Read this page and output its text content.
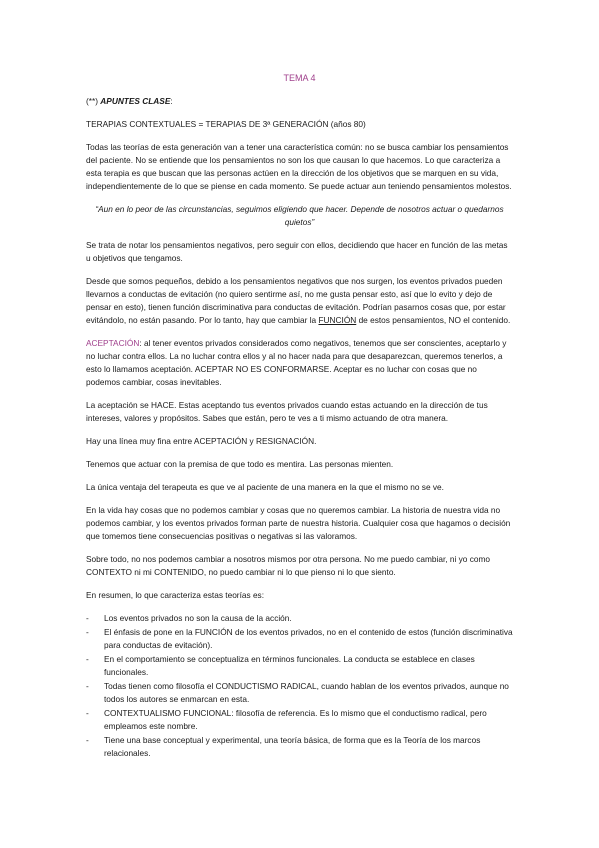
TEMA 4

(**) APUNTES CLASE:

TERAPIAS CONTEXTUALES = TERAPIAS DE 3ª GENERACIÓN (años 80)

Todas las teorías de esta generación van a tener una característica común: no se busca cambiar los pensamientos del paciente. No se entiende que los pensamientos no son los que causan lo que hacemos. Lo que caracteriza a esta terapia es que buscan que las personas actúen en la dirección de los objetivos que se marquen en su vida, independientemente de lo que se piense en cada momento. Se puede actuar aun teniendo pensamientos molestos.

“Aun en lo peor de las circunstancias, seguimos eligiendo que hacer. Depende de nosotros actuar o quedarnos quietos”

Se trata de notar los pensamientos negativos, pero seguir con ellos, decidiendo que hacer en función de las metas u objetivos que tengamos.

Desde que somos pequeños, debido a los pensamientos negativos que nos surgen, los eventos privados pueden llevarnos a conductas de evitación (no quiero sentirme así, no me gusta pensar esto, así que lo evito y dejo de pensar en esto), tienen función discriminativa para conductas de evitación. Podrían pasarnos cosas que, por estar evitándolo, no están pasando. Por lo tanto, hay que cambiar la FUNCIÓN de estos pensamientos, NO el contenido.

ACEPTACIÓN: al tener eventos privados considerados como negativos, tenemos que ser conscientes, aceptarlo y no luchar contra ellos. La no luchar contra ellos y al no hacer nada para que desaparezcan, queremos tenerlos, a esto lo llamamos aceptación. ACEPTAR NO ES CONFORMARSE. Aceptar es no luchar con cosas que no podemos cambiar, cosas inevitables.

La aceptación se HACE. Estas aceptando tus eventos privados cuando estas actuando en la dirección de tus intereses, valores y propósitos. Sabes que están, pero te ves a ti mismo actuando de otra manera.

Hay una línea muy fina entre ACEPTACIÓN y RESIGNACIÓN.

Tenemos que actuar con la premisa de que todo es mentira. Las personas mienten.

La única ventaja del terapeuta es que ve al paciente de una manera en la que el mismo no se ve.

En la vida hay cosas que no podemos cambiar y cosas que no queremos cambiar. La historia de nuestra vida no podemos cambiar, y los eventos privados forman parte de nuestra historia. Cualquier cosa que hagamos o decisión que tomemos tiene consecuencias positivas o negativas si las valoramos.

Sobre todo, no nos podemos cambiar a nosotros mismos por otra persona. No me puedo cambiar, ni yo como CONTEXTO ni mi CONTENIDO, no puedo cambiar ni lo que pienso ni lo que siento.

En resumen, lo que caracteriza estas teorías es:

- Los eventos privados no son la causa de la acción.
- El énfasis de pone en la FUNCIÓN de los eventos privados, no en el contenido de estos (función discriminativa para conductas de evitación).
- En el comportamiento se conceptualiza en términos funcionales. La conducta se establece en clases funcionales.
- Todas tienen como filosofía el CONDUCTISMO RADICAL, cuando hablan de los eventos privados, aunque no todos los autores se enmarcan en esta.
- CONTEXTUALISMO FUNCIONAL: filosofía de referencia. Es lo mismo que el conductismo radical, pero empleamos este nombre.
- Tiene una base conceptual y experimental, una teoría básica, de forma que es la Teoría de los marcos relacionales.
